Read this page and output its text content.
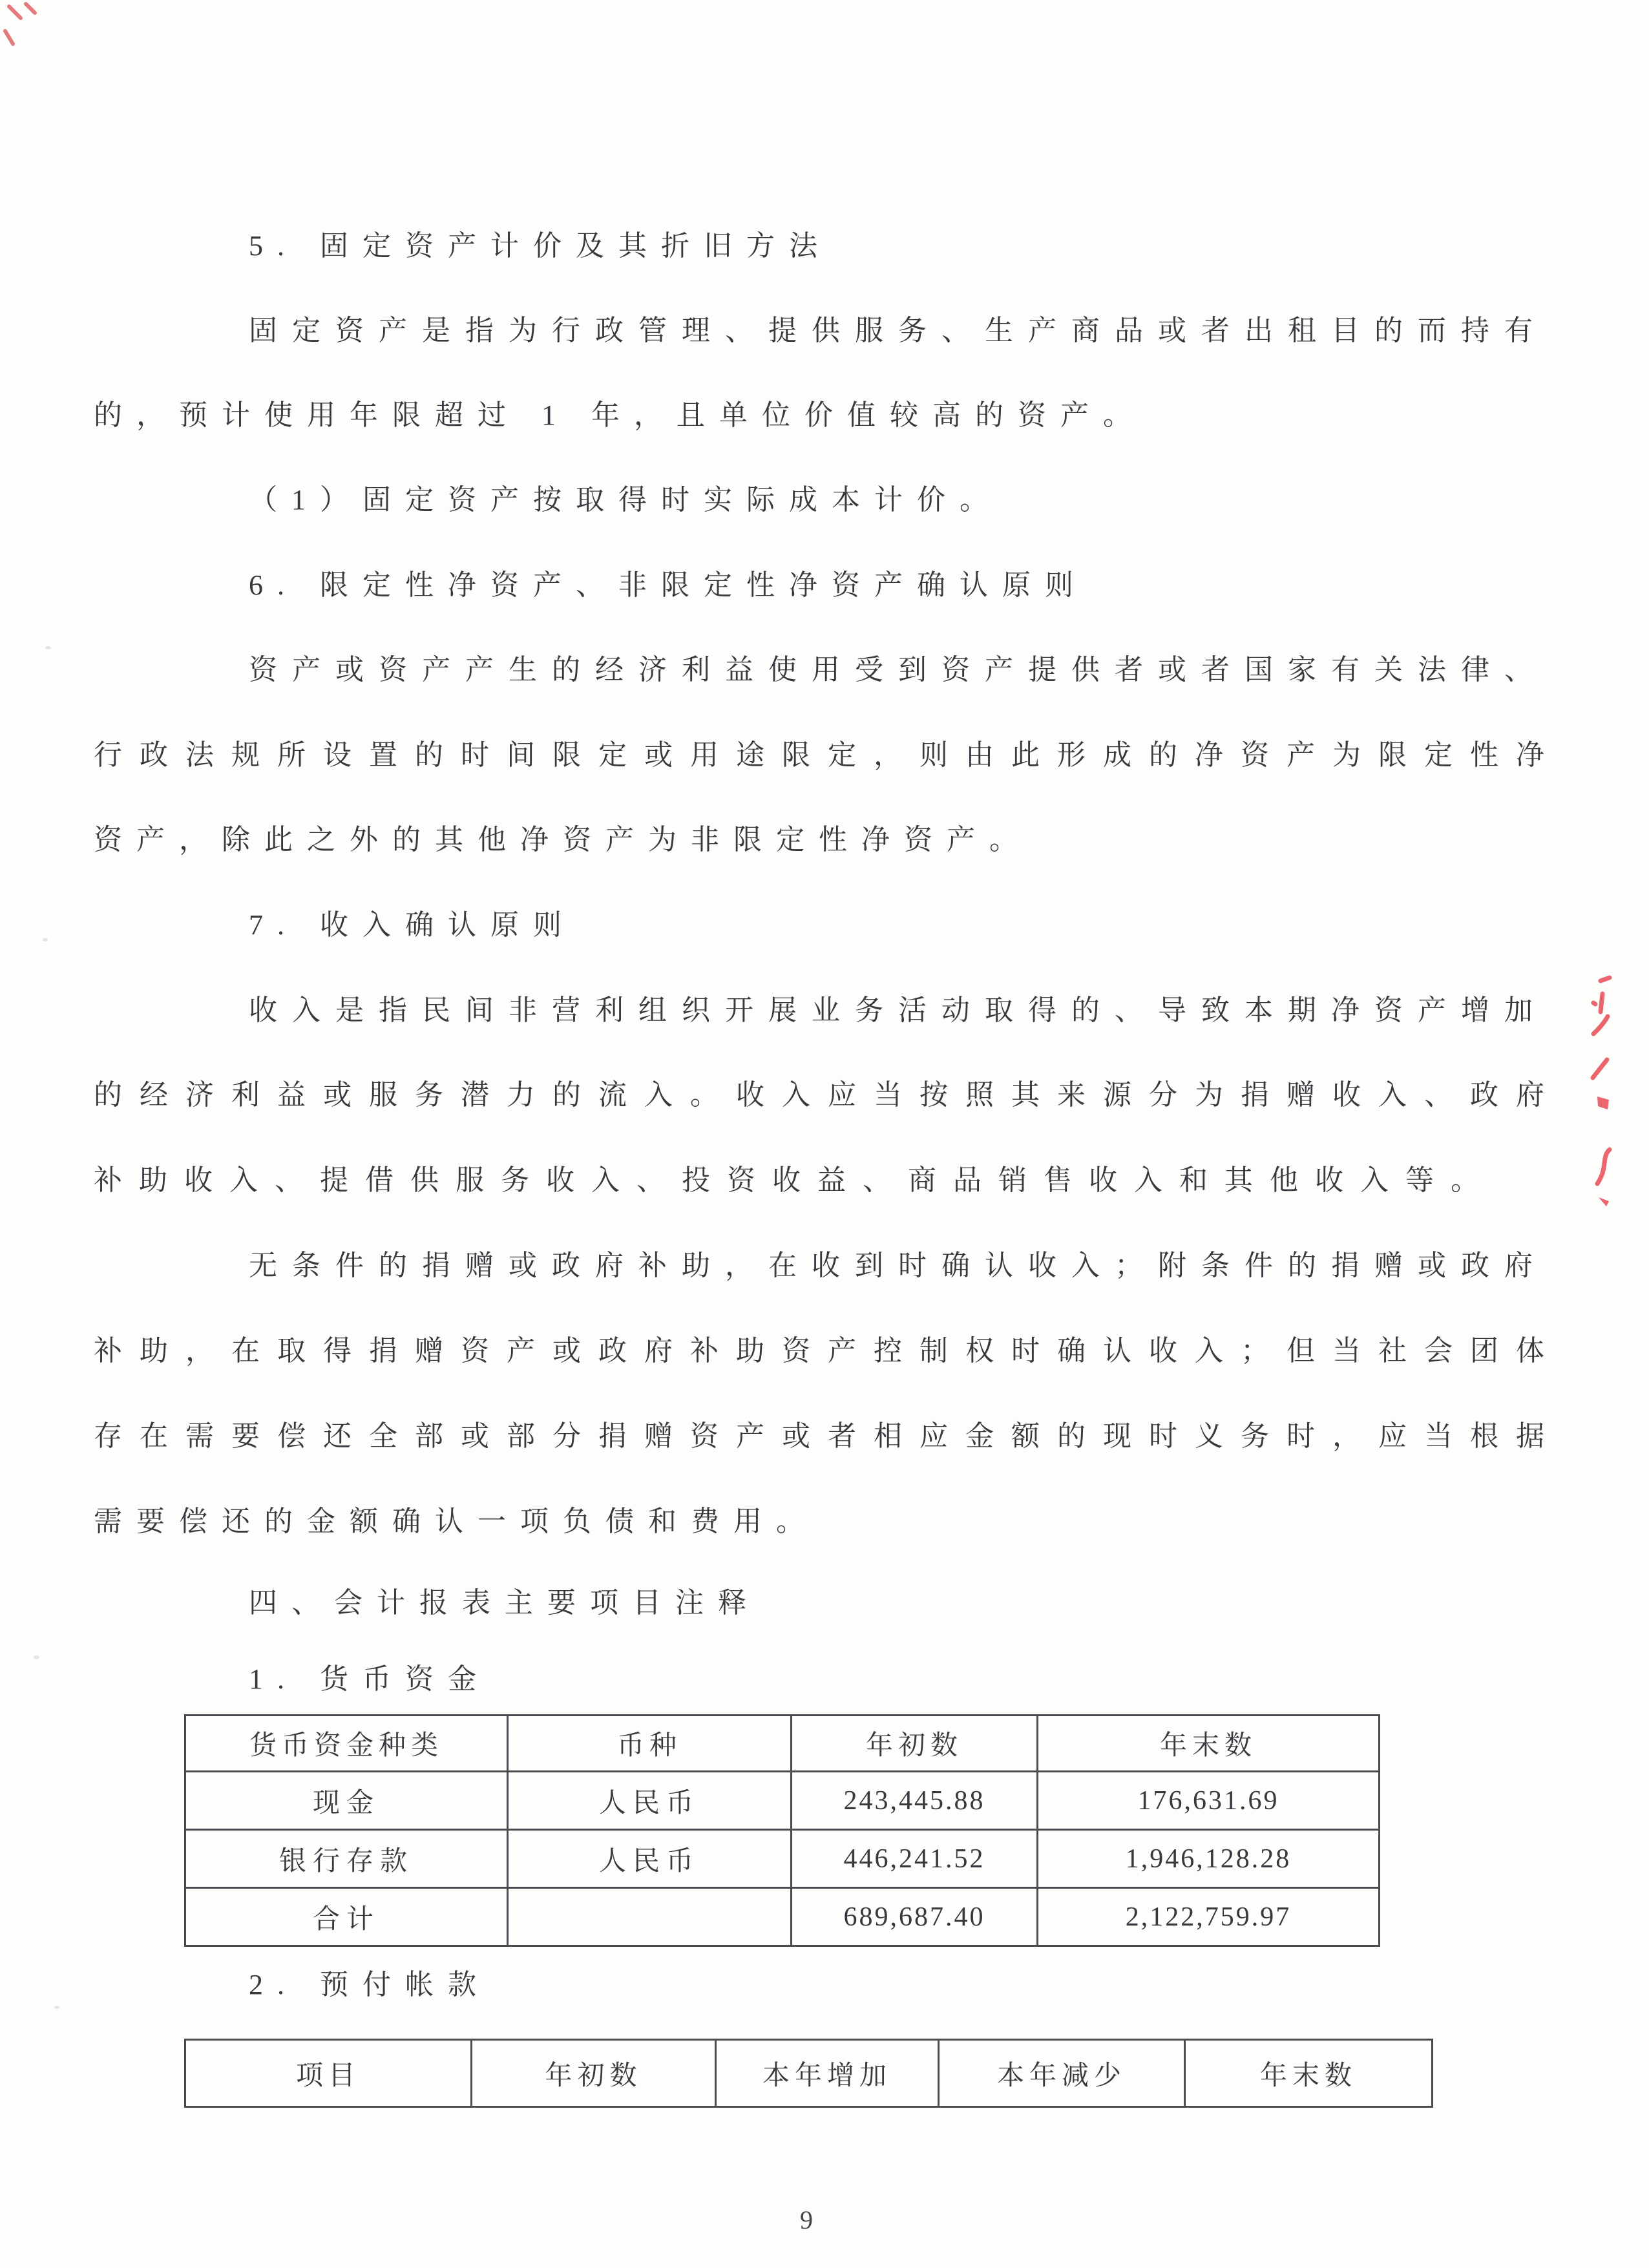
5. 固定资产计价及其折旧方法
固定资产是指为行政管理、提供服务、生产商品或者出租目的而持有
的，预计使用年限超过 1 年，且单位价值较高的资产。
（1）固定资产按取得时实际成本计价。
6. 限定性净资产、非限定性净资产确认原则
资产或资产产生的经济利益使用受到资产提供者或者国家有关法律、
行政法规所设置的时间限定或用途限定，则由此形成的净资产为限定性净
资产，除此之外的其他净资产为非限定性净资产。
7. 收入确认原则
收入是指民间非营利组织开展业务活动取得的、导致本期净资产增加
的经济利益或服务潜力的流入。收入应当按照其来源分为捐赠收入、政府
补助收入、提借供服务收入、投资收益、商品销售收入和其他收入等。
无条件的捐赠或政府补助，在收到时确认收入；附条件的捐赠或政府
补助，在取得捐赠资产或政府补助资产控制权时确认收入；但当社会团体
存在需要偿还全部或部分捐赠资产或者相应金额的现时义务时，应当根据
需要偿还的金额确认一项负债和费用。
四、会计报表主要项目注释
1. 货币资金
货币资金种类	币种	年初数	年末数
现金	人民币	243,445.88	176,631.69
银行存款	人民币	446,241.52	1,946,128.28
合计		689,687.40	2,122,759.97
2. 预付帐款
项目	年初数	本年增加	本年减少	年末数
9
